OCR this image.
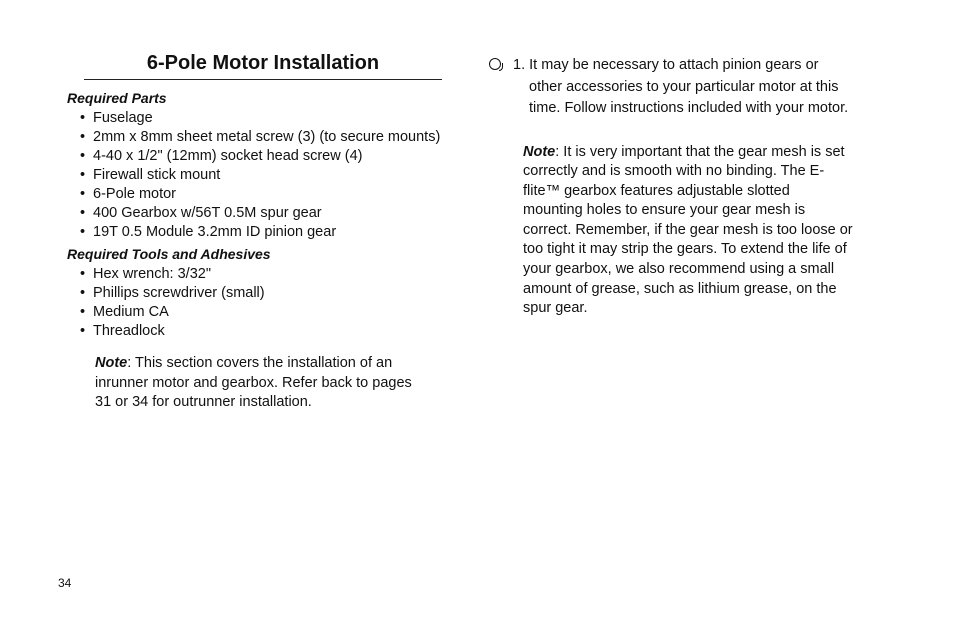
6-Pole Motor Installation

Required Parts

• Fuselage
• 2mm x 8mm sheet metal screw (3) (to secure mounts)
• 4-40 x 1/2" (12mm) socket head screw (4)
• Firewall stick mount
• 6-Pole motor
• 400 Gearbox w/56T 0.5M spur gear
• 19T 0.5 Module 3.2mm ID pinion gear

Required Tools and Adhesives

• Hex wrench: 3/32"
• Phillips screwdriver (small)
• Medium CA
• Threadlock
Note: This section covers the installation of an inrunner motor and gearbox. Refer back to pages 31 or 34 for outrunner installation.
1. It may be necessary to attach pinion gears or
other accessories to your particular motor at this
time. Follow instructions included with your motor.
Note: It is very important that the gear mesh is set correctly and is smooth with no binding. The E-flite™ gearbox features adjustable slotted mounting holes to ensure your gear mesh is correct. Remember, if the gear mesh is too loose or too tight it may strip the gears. To extend the life of your gearbox, we also recommend using a small amount of grease, such as lithium grease, on the spur gear.
34
